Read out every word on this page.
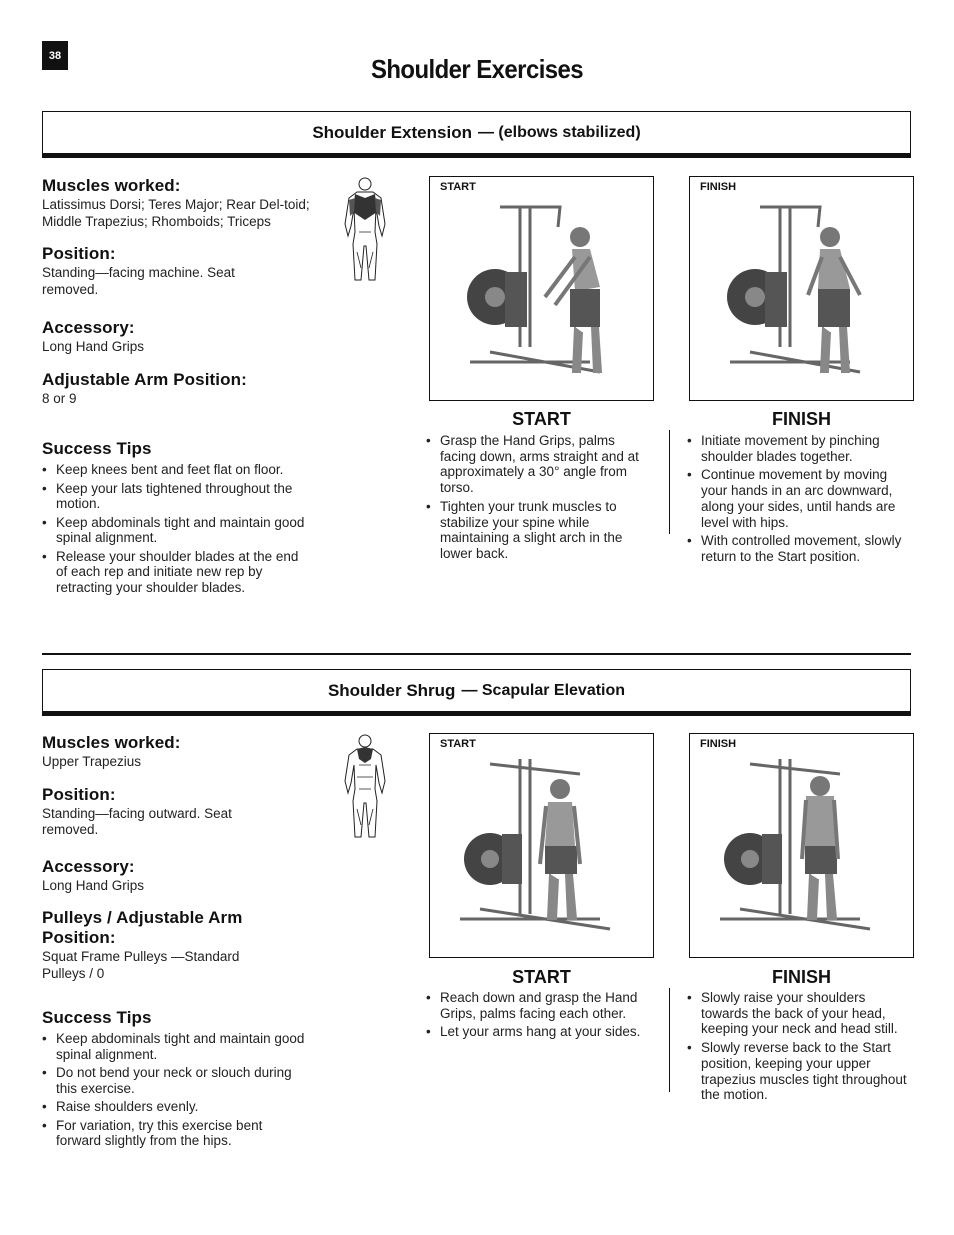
38	Shoulder Exercises
Shoulder Extension — (elbows stabilized)
Muscles worked:
Latissimus Dorsi; Teres Major; Rear Del-toid; Middle Trapezius; Rhomboids; Triceps
Position:
Standing—facing machine. Seat removed.
Accessory:
Long Hand Grips
Adjustable Arm Position:
8 or 9
Success Tips
• Keep knees bent and feet flat on floor.
• Keep your lats tightened throughout the motion.
• Keep abdominals tight and maintain good spinal alignment.
• Release your shoulder blades at the end of each rep and initiate new rep by retracting your shoulder blades.
START	FINISH
START	FINISH
• Grasp the Hand Grips, palms facing down, arms straight and at approximately a 30° angle from torso.
• Tighten your trunk muscles to stabilize your spine while maintaining a slight arch in the lower back.
• Initiate movement by pinching shoulder blades together.
• Continue movement by moving your hands in an arc downward, along your sides, until hands are level with hips.
• With controlled movement, slowly return to the Start position.
Shoulder Shrug — Scapular Elevation
Muscles worked:
Upper Trapezius
Position:
Standing—facing outward. Seat removed.
Accessory:
Long Hand Grips
Pulleys / Adjustable Arm Position:
Squat Frame Pulleys —Standard Pulleys / 0
Success Tips
• Keep abdominals tight and maintain good spinal alignment.
• Do not bend your neck or slouch during this exercise.
• Raise shoulders evenly.
• For variation, try this exercise bent forward slightly from the hips.
START	FINISH
START	FINISH
• Reach down and grasp the Hand Grips, palms facing each other.
• Let your arms hang at your sides.
• Slowly raise your shoulders towards the back of your head, keeping your neck and head still.
• Slowly reverse back to the Start position, keeping your upper trapezius muscles tight throughout the motion.
